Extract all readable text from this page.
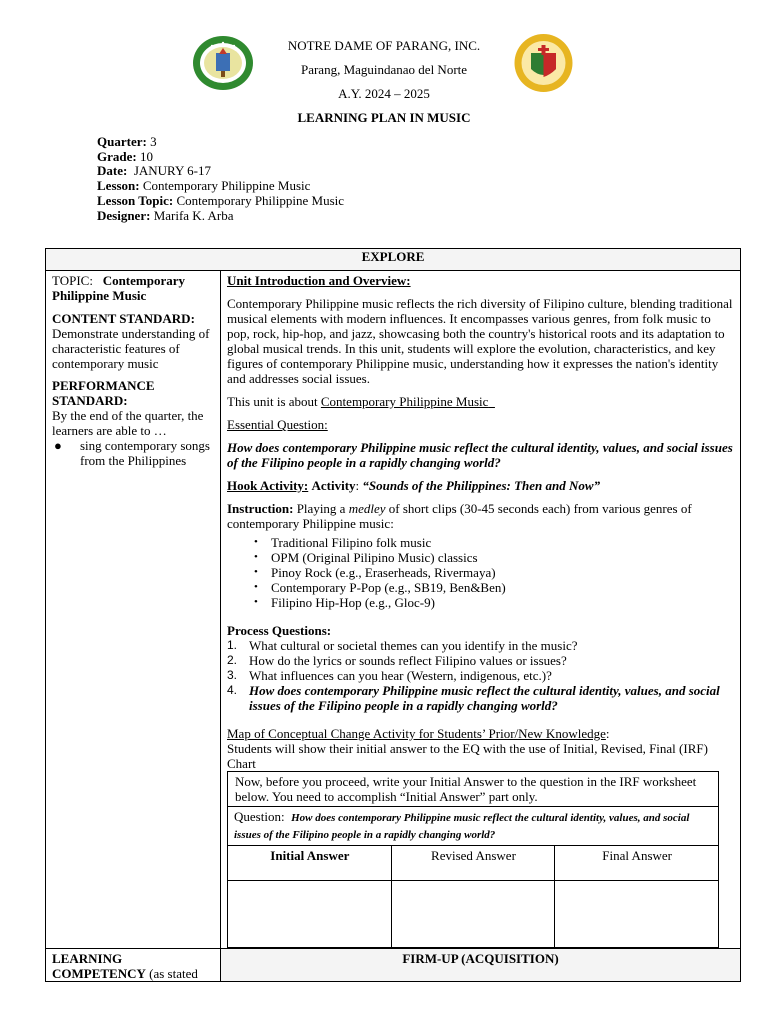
NOTRE DAME OF PARANG, INC.
Parang, Maguindanao del Norte
A.Y. 2024 – 2025
LEARNING PLAN IN MUSIC
Quarter: 3
Grade: 10
Date: JANURY 6-17
Lesson: Contemporary Philippine Music
Lesson Topic: Contemporary Philippine Music
Designer: Marifa K. Arba
EXPLORE

TOPIC: Contemporary Philippine Music
CONTENT STANDARD:
Demonstrate understanding of characteristic features of contemporary music
PERFORMANCE STANDARD:
By the end of the quarter, the learners are able to …
● sing contemporary songs from the Philippines

Unit Introduction and Overview:

Contemporary Philippine music reflects the rich diversity of Filipino culture, blending traditional musical elements with modern influences. It encompasses various genres, from folk music to pop, rock, hip-hop, and jazz, showcasing both the country's historical roots and its adaptation to global musical trends. In this unit, students will explore the evolution, characteristics, and key figures of contemporary Philippine music, understanding how it expresses the nation's identity and addresses social issues.

This unit is about Contemporary Philippine Music

Essential Question:

How does contemporary Philippine music reflect the cultural identity, values, and social issues of the Filipino people in a rapidly changing world?

Hook Activity: Activity: “Sounds of the Philippines: Then and Now”

Instruction: Playing a medley of short clips (30-45 seconds each) from various genres of contemporary Philippine music:

• Traditional Filipino folk music
• OPM (Original Pilipino Music) classics
• Pinoy Rock (e.g., Eraserheads, Rivermaya)
• Contemporary P-Pop (e.g., SB19, Ben&Ben)
• Filipino Hip-Hop (e.g., Gloc-9)

Process Questions:

1. What cultural or societal themes can you identify in the music?
2. How do the lyrics or sounds reflect Filipino values or issues?
3. What influences can you hear (Western, indigenous, etc.)?
4. How does contemporary Philippine music reflect the cultural identity, values, and social issues of the Filipino people in a rapidly changing world?

Map of Conceptual Change Activity for Students’ Prior/New Knowledge:

Students will show their initial answer to the EQ with the use of Initial, Revised, Final (IRF) Chart

Now, before you proceed, write your Initial Answer to the question in the IRF worksheet below. You need to accomplish “Initial Answer” part only.
Question: How does contemporary Philippine music reflect the cultural identity, values, and social issues of the Filipino people in a rapidly changing world?
Initial Answer	Revised Answer	Final Answer

LEARNING COMPETENCY (as stated	FIRM-UP (ACQUISITION)
